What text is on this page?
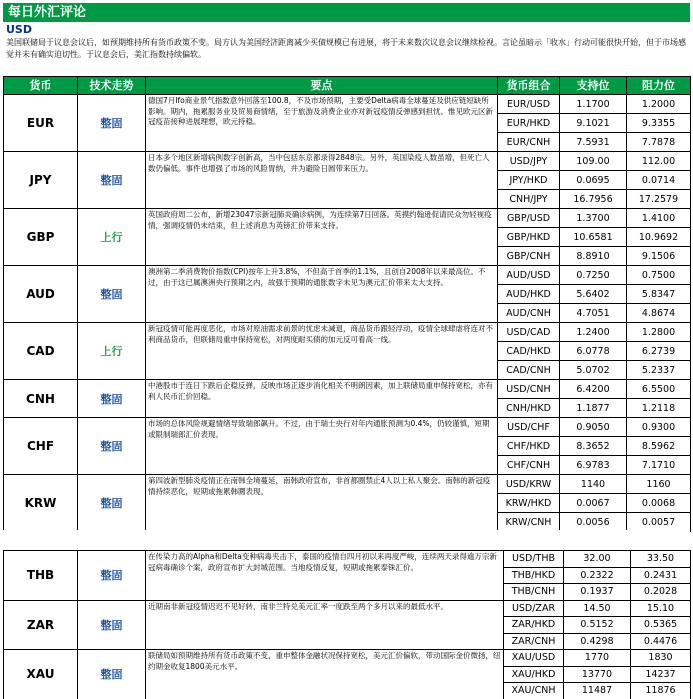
每日外汇评论
USD
美国联储局于议息会议后，如预期维持所有货币政策不变。局方认为美国经济距离减少买债规模已有进展，将于未来数次议息会议继续检视。言论虽暗示「收水」行动可能很快开始，但于市场感觉并未有确实迫切性。于议息会后，美汇指数持续偏软。
货币	技术走势	要点	货币组合	支持位	阻力位
EUR	整固	德国7月Ifo商业景气指数意外回落至100.8，不及市场预期，主要受Delta病毒全球蔓延及供应链短缺所影响。期内，拖累服务业及贸易商情绪，至于旅游及消费企业亦对新冠疫情反弹感到担忧。惟见欧元区新冠疫苗接种进展理想，欧元持稳。	EUR/USD	1.1700	1.2000
			EUR/HKD	9.1021	9.3355
			EUR/CNH	7.5931	7.7878
JPY	整固	日本多个地区新增病例数字创新高，当中包括东京都录得2848宗。另外，英国染疫人数虽增，但死亡人数仍偏低。事件也增强了市场的风险胃纳，并为避险日圆带来压力。	USD/JPY	109.00	112.00
			JPY/HKD	0.0695	0.0714
			CNH/JPY	16.7956	17.2579
GBP	上行	英国政府周二公布，新增23047宗新冠肺炎确诊病例，为连续第7日回落。英摸约翰逊促请民众勿轻视疫情，强调疫情仍未结束，但上述消息为英镑汇价带来支持。	GBP/USD	1.3700	1.4100
			GBP/HKD	10.6581	10.9692
			GBP/CNH	8.8910	9.1506
AUD	整固	澳洲第二季消费物价指数(CPI)按年上升3.8%，不但高于首季的1.1%，且创自2008年以来最高位。不过，由于这已属澳洲央行预期之内，故强于预期的通胀数字未见为澳元汇价带来太大支持。	AUD/USD	0.7250	0.7500
			AUD/HKD	5.6402	5.8347
			AUD/CNH	4.7051	4.8674
CAD	上行	新冠疫情可能再度恶化，市场对原油需求前景的忧虑未减退，商品货币跟轻浮动，疫情全球肆虐将连对不利商品货币，但联储局重申保持宽松，对两度耐买债的加元反可看高一线。	USD/CAD	1.2400	1.2800
			CAD/HKD	6.0778	6.2739
			CAD/CNH	5.0702	5.2337
CNH	整固	中港股市于连日下跌后企稳反弹，反映市场正逐步消化相关不明朗因素，加上联储局重申保持宽松，亦有利人民币汇价回稳。	USD/CNH	6.4200	6.5500
			CNH/HKD	1.1877	1.2118
CHF	整固	市场的总体风险规避情绪导致瑞郎飙升。不过，由于瑞士央行对年内通胀预测为0.4%，仍较谨慎，短期或限制瑞郎汇价表现。	USD/CHF	0.9050	0.9300
			CHF/HKD	8.3652	8.5962
			CHF/CNH	6.9783	7.1710
KRW	整固	第四波新型肺炎疫情正在南韩全境蔓延，南韩政府宣布，非首都圈禁止4人以上私人聚会。南韩的新冠疫情持续恶化，短期或拖累韩圜表现。	USD/KRW	1140	1160
			KRW/HKD	0.0067	0.0068
			KRW/CNH	0.0056	0.0057
THB	整固	在传染力高的Alpha和Delta变种病毒夹击下，泰国的疫情自四月初以来再度严峻，连续两天录得逾万宗新冠病毒确诊个案，政府宣布扩大封城范围。当地疫情反复，短期或拖累泰铢汇价。	USD/THB	32.00	33.50
			THB/HKD	0.2322	0.2431
			THB/CNH	0.1937	0.2028
ZAR	整固	近期南非新冠疫情迟迟不见好转，南非兰特兑美元汇率一度跌至两个多月以来的最低水平。	USD/ZAR	14.50	15.10
			ZAR/HKD	0.5152	0.5365
			ZAR/CNH	0.4298	0.4476
XAU	整固	联储局如预期维持所有货币政策不变，重申整体金融状况保持宽松，美元汇价偏软，带动国际金价微扬，纽约期金收复1800美元水平。	XAU/USD	1770	1830
			XAU/HKD	13770	14237
			XAU/CNH	11487	11876
